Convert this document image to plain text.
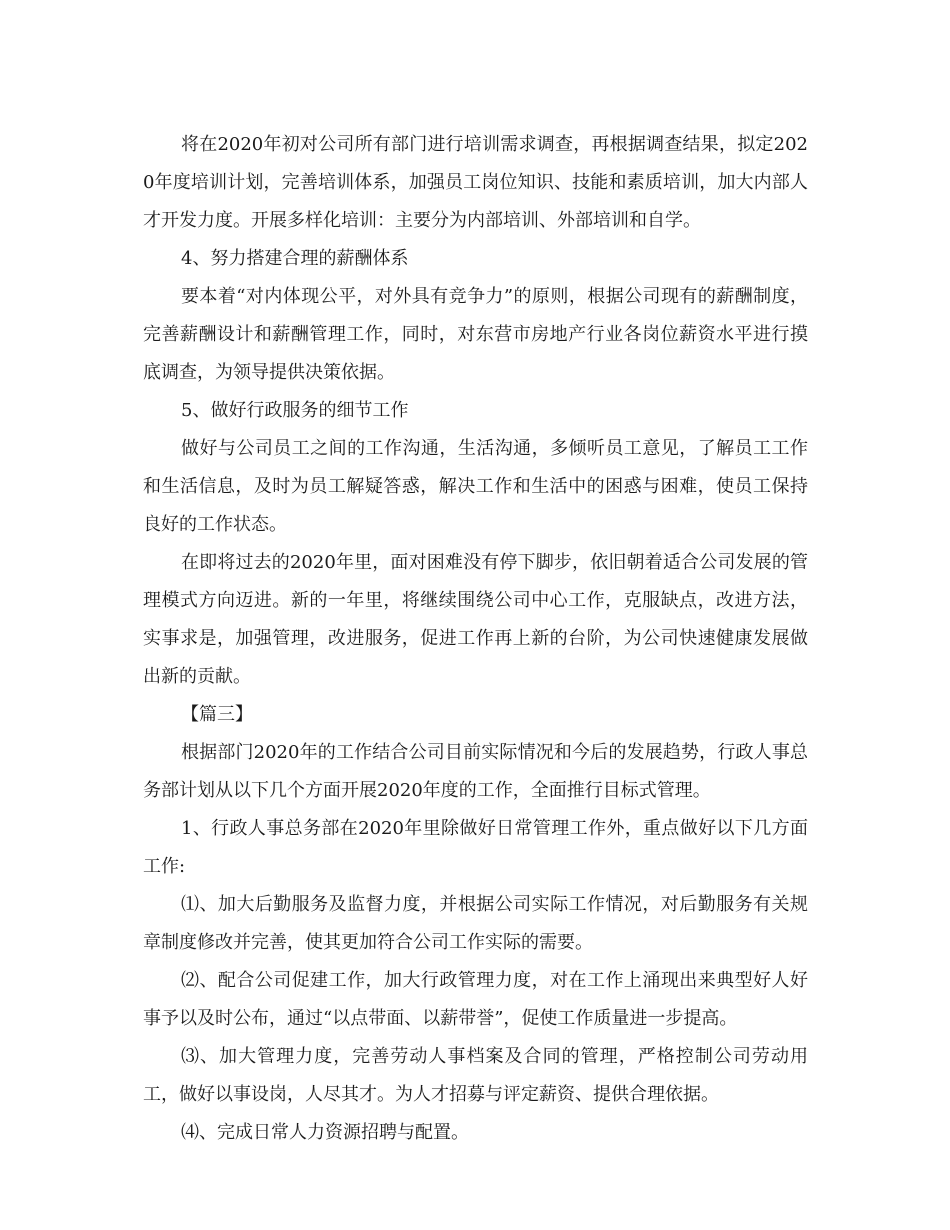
将在2020年初对公司所有部门进行培训需求调查，再根据调查结果，拟定2020年度培训计划，完善培训体系，加强员工岗位知识、技能和素质培训，加大内部人才开发力度。开展多样化培训：主要分为内部培训、外部培训和自学。

4、努力搭建合理的薪酬体系

要本着“对内体现公平，对外具有竞争力”的原则，根据公司现有的薪酬制度，完善薪酬设计和薪酬管理工作，同时，对东营市房地产行业各岗位薪资水平进行摸底调查，为领导提供决策依据。

5、做好行政服务的细节工作

做好与公司员工之间的工作沟通，生活沟通，多倾听员工意见，了解员工工作和生活信息，及时为员工解疑答惑，解决工作和生活中的困惑与困难，使员工保持良好的工作状态。

在即将过去的2020年里，面对困难没有停下脚步，依旧朝着适合公司发展的管理模式方向迈进。新的一年里，将继续围绕公司中心工作，克服缺点，改进方法，实事求是，加强管理，改进服务，促进工作再上新的台阶，为公司快速健康发展做出新的贡献。

【篇三】

根据部门2020年的工作结合公司目前实际情况和今后的发展趋势，行政人事总务部计划从以下几个方面开展2020年度的工作，全面推行目标式管理。

1、行政人事总务部在2020年里除做好日常管理工作外，重点做好以下几方面工作:

⑴、加大后勤服务及监督力度，并根据公司实际工作情况，对后勤服务有关规章制度修改并完善，使其更加符合公司工作实际的需要。

⑵、配合公司促建工作，加大行政管理力度，对在工作上涌现出来典型好人好事予以及时公布，通过“以点带面、以薪带誉”，促使工作质量进一步提高。

⑶、加大管理力度，完善劳动人事档案及合同的管理，严格控制公司劳动用工，做好以事设岗，人尽其才。为人才招募与评定薪资、提供合理依据。

⑷、完成日常人力资源招聘与配置。
